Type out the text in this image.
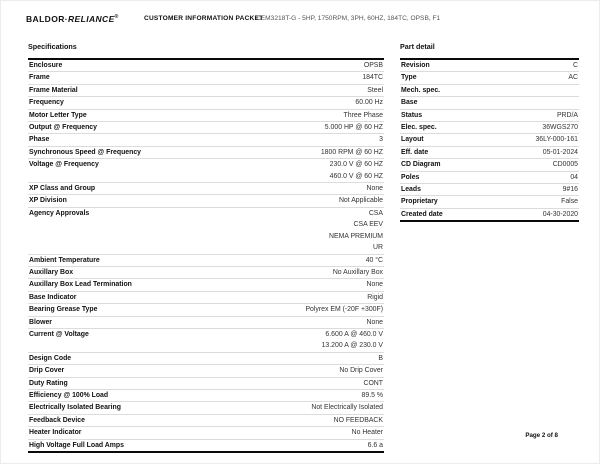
BALDOR·RELIANCE®	CUSTOMER INFORMATION PACKET
CEM3218T-G - 5HP, 1750RPM, 3PH, 60HZ, 184TC, OPSB, F1
Specifications
Enclosure	OPSB
Frame	184TC
Frame Material	Steel
Frequency	60.00 Hz
Motor Letter Type	Three Phase
Output @ Frequency	5.000 HP @ 60 HZ
Phase	3
Synchronous Speed @ Frequency	1800 RPM @ 60 HZ
Voltage @ Frequency	230.0 V @ 60 HZ
460.0 V @ 60 HZ
XP Class and Group	None
XP Division	Not Applicable
Agency Approvals	CSA
CSA EEV
NEMA PREMIUM
UR
Ambient Temperature	40 °C
Auxillary Box	No Auxillary Box
Auxillary Box Lead Termination	None
Base Indicator	Rigid
Bearing Grease Type	Polyrex EM (-20F +300F)
Blower	None
Current @ Voltage	6.600 A @ 460.0 V
13.200 A @ 230.0 V
Design Code	B
Drip Cover	No Drip Cover
Duty Rating	CONT
Efficiency @ 100% Load	89.5 %
Electrically Isolated Bearing	Not Electrically Isolated
Feedback Device	NO FEEDBACK
Heater Indicator	No Heater
High Voltage Full Load Amps	6.6 a
Part detail
Revision	C
Type	AC
Mech. spec.
Base
Status	PRD/A
Elec. spec.	36WGS270
Layout	36LY-000-161
Eff. date	05-01-2024
CD Diagram	CD0005
Poles	04
Leads	9#16
Proprietary	False
Created date	04-30-2020
Page 2 of 8
